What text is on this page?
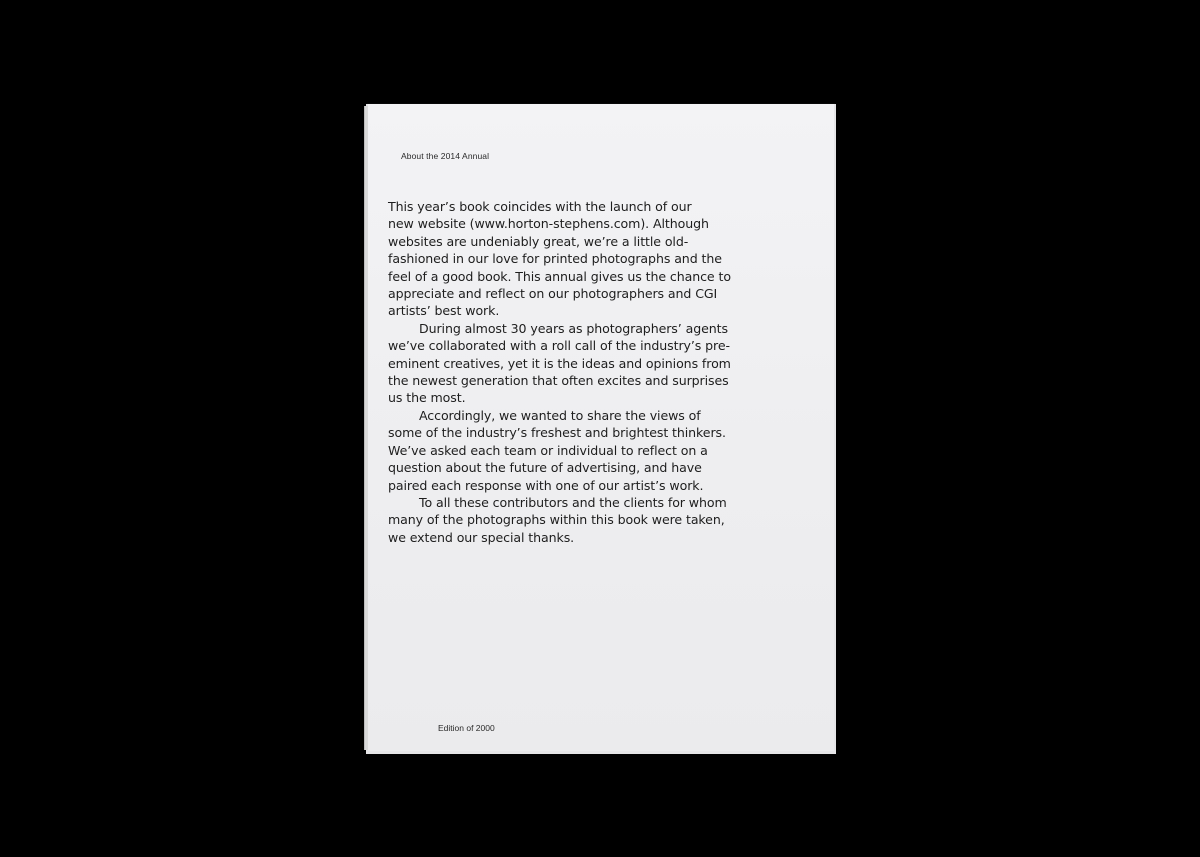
About the 2014 Annual

This year’s book coincides with the launch of our
new website (www.horton-stephens.com). Although
websites are undeniably great, we’re a little old-
fashioned in our love for printed photographs and the
feel of a good book. This annual gives us the chance to
appreciate and reflect on our photographers and CGI
artists’ best work.

During almost 30 years as photographers’ agents
we’ve collaborated with a roll call of the industry’s pre-
eminent creatives, yet it is the ideas and opinions from
the newest generation that often excites and surprises
us the most.

Accordingly, we wanted to share the views of
some of the industry’s freshest and brightest thinkers.
We’ve asked each team or individual to reflect on a
question about the future of advertising, and have
paired each response with one of our artist’s work.

To all these contributors and the clients for whom
many of the photographs within this book were taken,
we extend our special thanks.

Edition of 2000
